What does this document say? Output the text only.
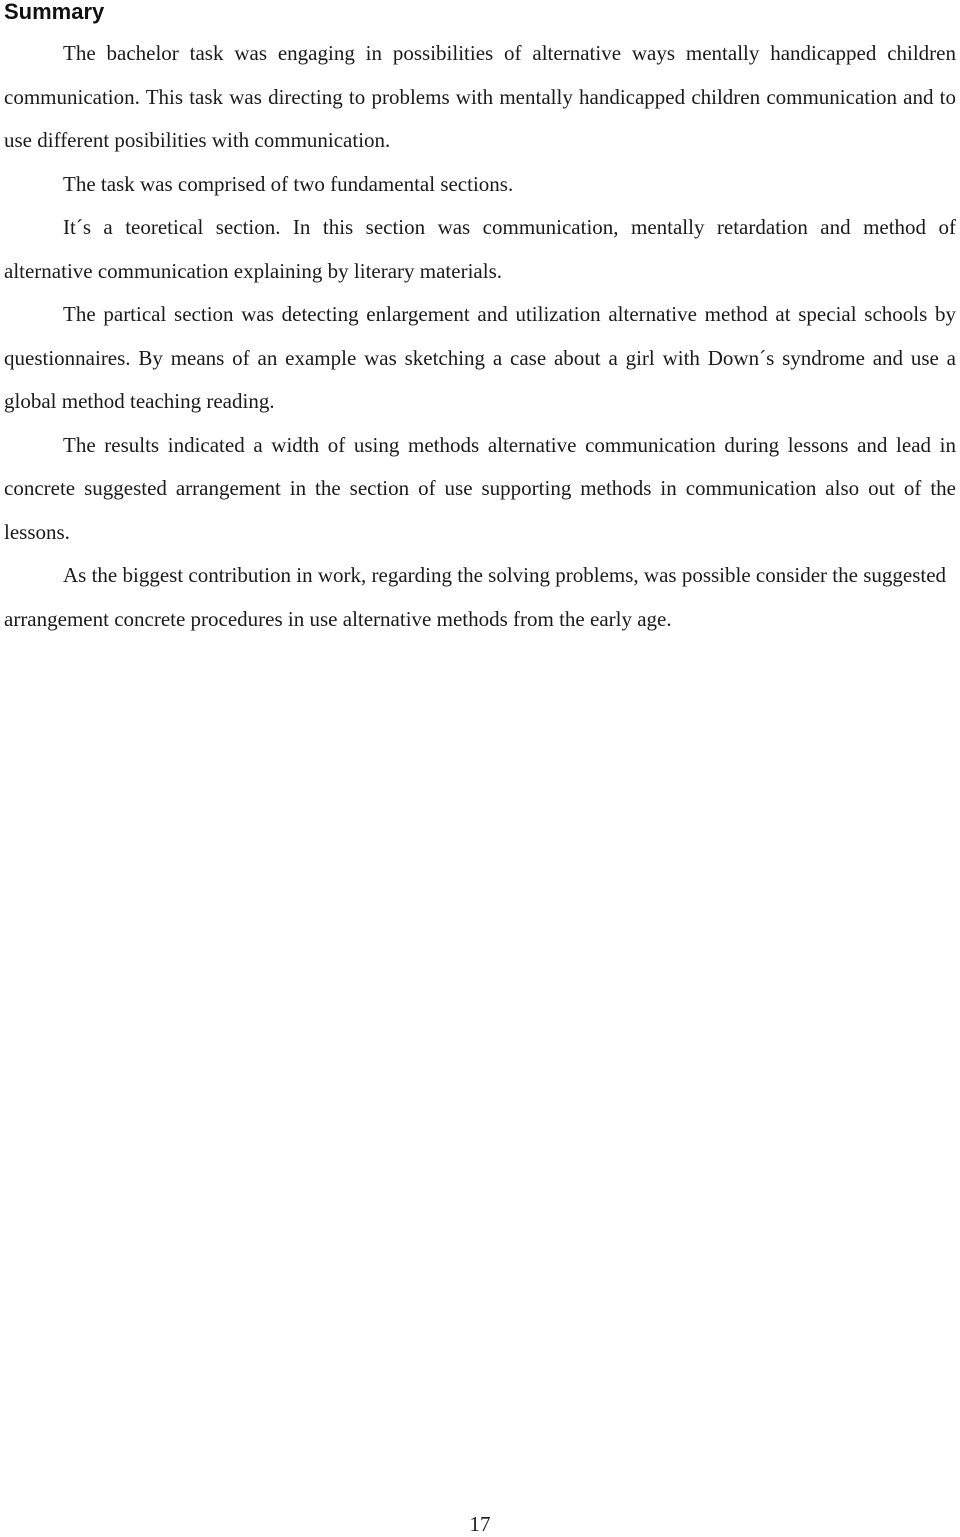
Summary

The bachelor task was engaging in possibilities of alternative ways mentally handicapped children communication. This task was directing to problems with mentally handicapped children communication and to use different posibilities with communication.

The task was comprised of two fundamental sections.

It´s a teoretical section. In this section was communication, mentally retardation and method of alternative communication explaining by literary materials.

The partical section was detecting enlargement and utilization alternative method at special schools by questionnaires. By means of an example was sketching a case about a girl with Down´s syndrome and use a global method teaching reading.

The results indicated a width of using methods alternative communication during lessons and lead in concrete suggested arrangement in the section of use supporting methods in communication also out of the lessons.

As the biggest contribution in work, regarding the solving problems, was possible consider the suggested arrangement concrete procedures in use alternative methods from the early age.

17
